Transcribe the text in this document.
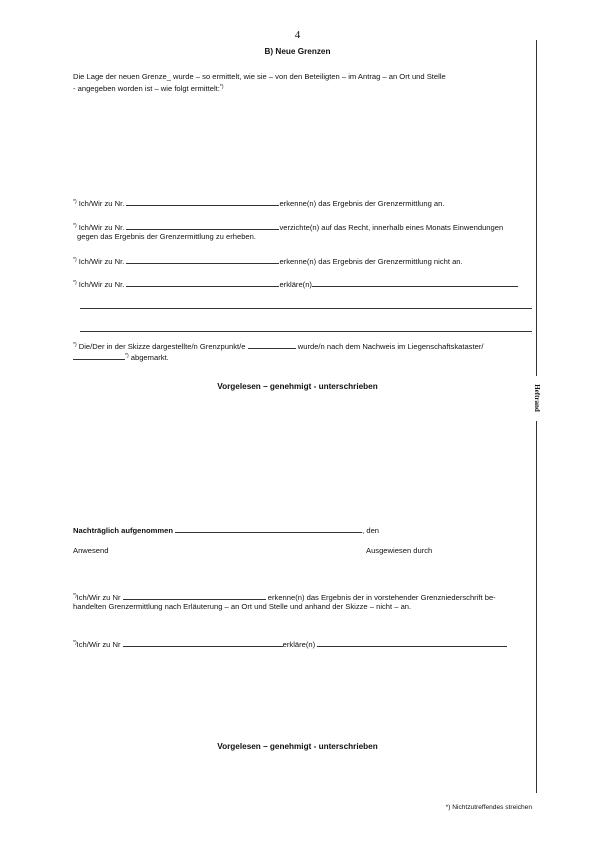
4
B) Neue Grenzen
Die Lage der neuen Grenze_ wurde – so ermittelt, wie sie – von den Beteiligten – im Antrag – an Ort und Stelle
- angegeben worden ist – wie folgt ermittelt:*)
*) Ich/Wir zu Nr.	erkenne(n) das Ergebnis der Grenzermittlung an.
*) Ich/Wir zu Nr.	verzichte(n) auf das Recht, innerhalb eines Monats Einwendungen
gegen das Ergebnis der Grenzermittlung zu erheben.
*) Ich/Wir zu Nr.	erkenne(n) das Ergebnis der Grenzermittlung nicht an.
*) Ich/Wir zu Nr.	erkläre(n)
*) Die/Der in der Skizze dargestellte/n Grenzpunkt/e	wurde/n nach dem Nachweis im Liegenschaftskataster/
*) abgemarkt.
Vorgelesen – genehmigt - unterschrieben	Heftrand
Nachträglich aufgenommen	, den
Anwesend	Ausgewiesen durch
*)Ich/Wir zu Nr	erkenne(n) das Ergebnis der in vorstehender Grenzniederschrift be-
handelten Grenzermittlung nach Erläuterung – an Ort und Stelle und anhand der Skizze – nicht – an.
*)Ich/Wir zu Nr	erkläre(n)
Vorgelesen – genehmigt - unterschrieben
*) Nichtzutreffendes streichen
